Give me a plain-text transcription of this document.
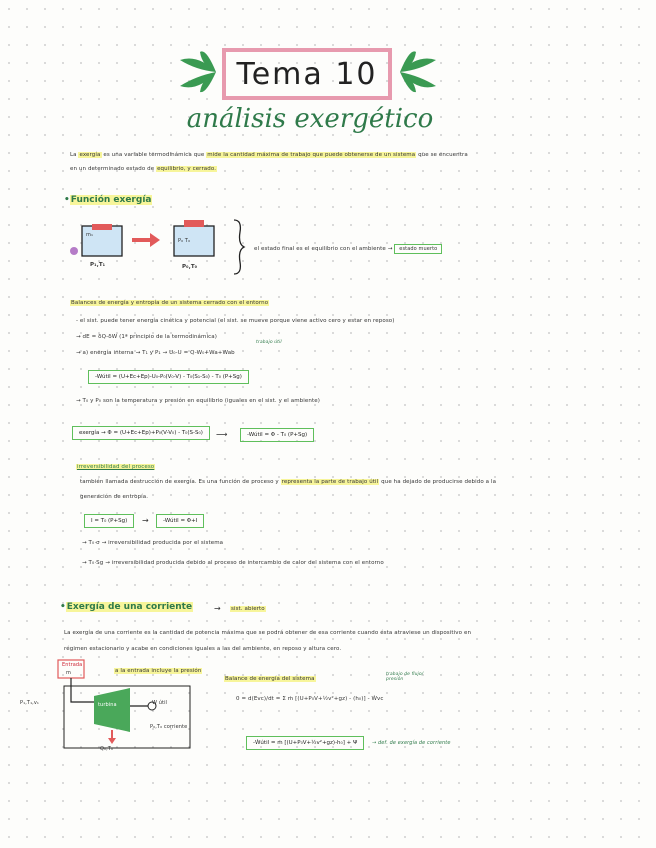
Tema 10
análisis exergético
La exergía es una variable termodinámica que mide la cantidad máxima de trabajo que puede obtenerse de un sistema que se encuentra
en un determinado estado de equilibrio, y cerrado.
•Función exergía
m₁
P₁,T₁
P₀ T₀
P₀,T₀
el estado final es el equilibrio con el ambiente → estado muerto
Balances de energía y entropía de un sistema cerrado con el entorno
- el sist. puede tener energía cinética y potencial (el sist. se mueve porque viene activo cero y estar en reposo)
→ dE = δQ-δW (1ª principio de la termodinámica)
→ a) energía interna → T₁ y P₁ → U₀-U = Q-W₀+Wa+Wab
trabajo útil
-Wútil = (U+Ec+Ep)-U₀-P₀(V₀-V) - T₀(S₁-S₀) - T₀ (P+Sg)
→ T₀ y P₀ son la temperatura y presión en equilibrio (iguales en el sist. y el ambiente)
exergía → Φ = (U+Ec+Ep)+P₀(V-V₀) - T₀(S-S₀)	⟶	-Wútil = Φ - T₀ (P+Sg)
irreversibilidad del proceso
también llamada destrucción de exergía. Es una función de proceso y representa la parte de trabajo útil que ha dejado de producirse debido a la
generación de entropía.
I = T₀ (P+Sg)	→	-Wútil = Φ+I
→ T₀·σ → irreversibilidad producida por el sistema
→ T₀·Sg → irreversibilidad producida debido al proceso de intercambio de calor del sistema con el entorno
•Exergía de una corriente	→ sist. abierto
La exergía de una corriente es la cantidad de potencia máxima que se podrá obtener de esa corriente cuando ésta atraviese un dispositivo en
régimen estacionario y acabe en condiciones iguales a las del ambiente, en reposo y altura cero.
Entrada
m
P₁,T₁,v₁	turbina	W útil
Q₀,T₀
P₀,T₀ corriente
a la entrada incluye la presión
Balance de energía del sistema
0 = d(Evc)/dt = Σ ṁ [(U+P₀V+½v²+gz) - (h₀)] - Ẇvc
trabajo de flujo/ presión
-Ẇútil = ṁ [(U+P₀V+½v²+gz)-h₀] + Ψ	→ def. de exergía de corriente
